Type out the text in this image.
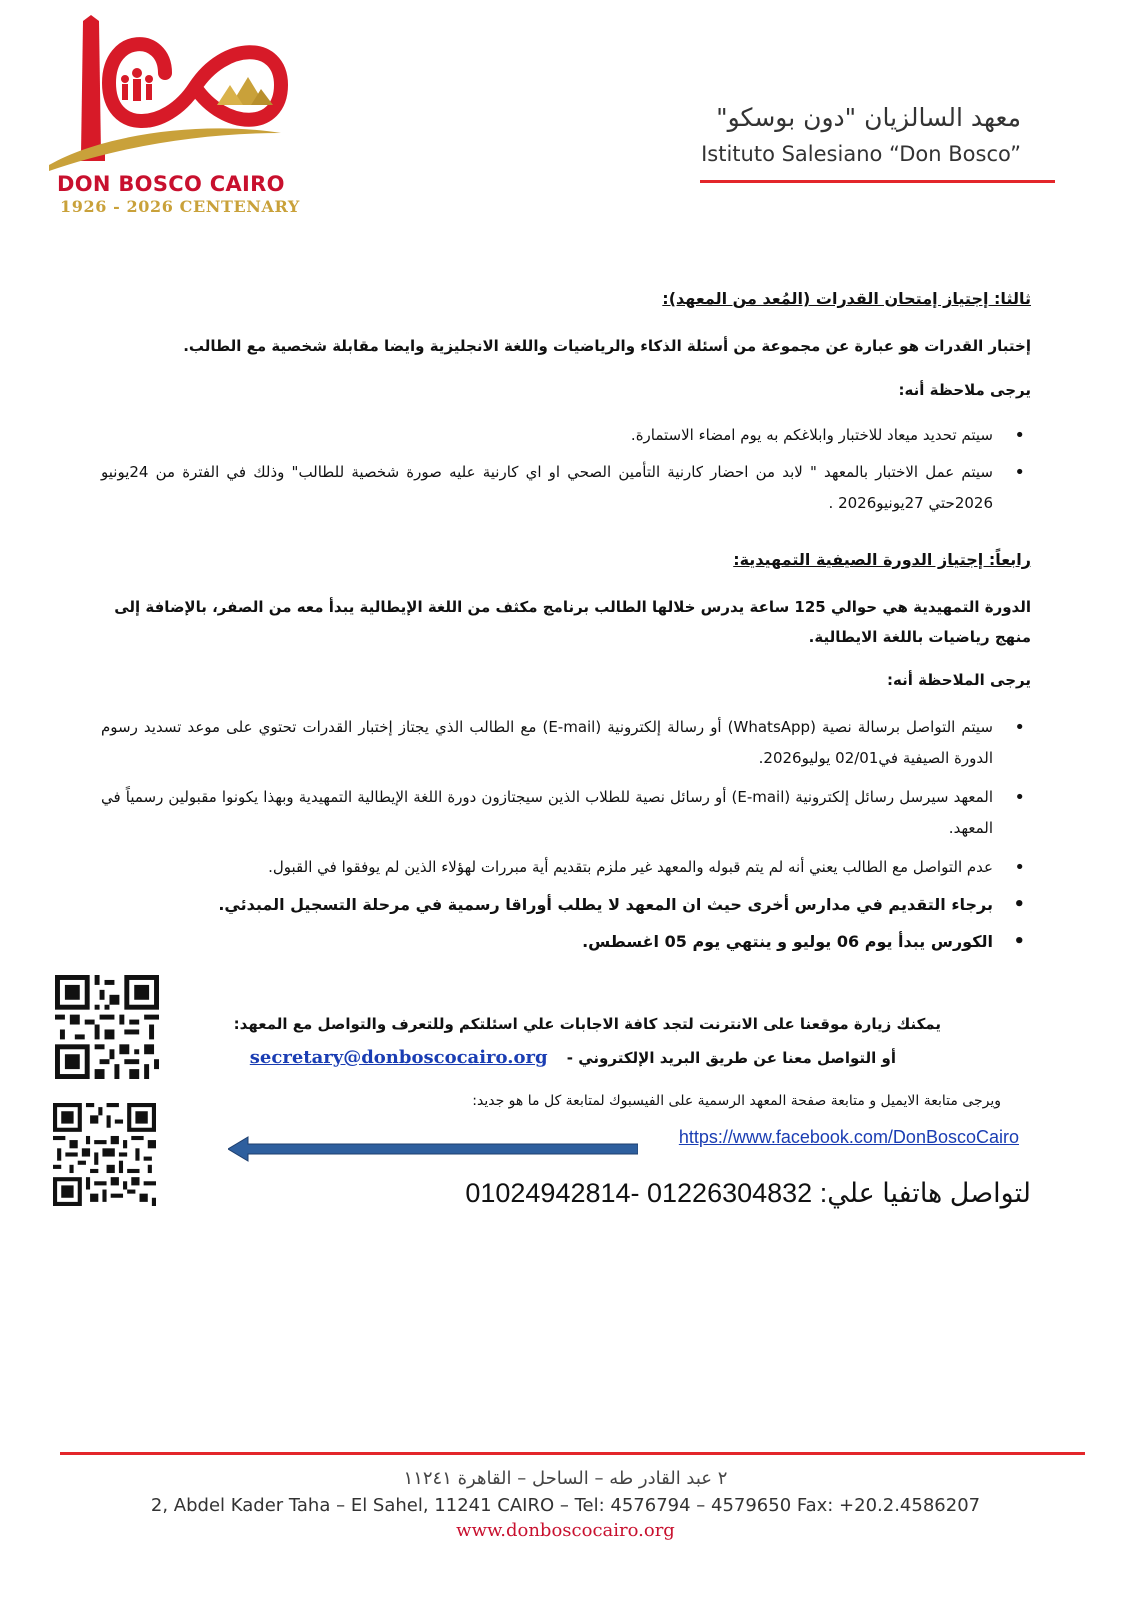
DON BOSCO CAIRO
1926 - 2026 CENTENARY
معهد السالزيان "دون بوسكو"
Istituto Salesiano “Don Bosco”
ثالثا: إجتياز إمتحان القدرات (المُعد من المعهد):
إختبار القدرات هو عبارة عن مجموعة من أسئلة الذكاء والرياضيات واللغة الانجليزية وايضا مقابلة شخصية مع الطالب.
يرجى ملاحظة أنه:
• سيتم تحديد ميعاد للاختبار وابلاغكم به يوم امضاء الاستمارة.
• سيتم عمل الاختبار بالمعهد " لابد من احضار كارنية التأمين الصحي او اي كارنية عليه صورة شخصية للطالب" وذلك في الفترة من 24يونيو 2026حتي 27يونيو2026 .
رابعاً: إجتياز الدورة الصيفية التمهيدية:
الدورة التمهيدية هي حوالي 125 ساعة يدرس خلالها الطالب برنامج مكثف من اللغة الإيطالية يبدأ معه من الصفر، بالإضافة إلى منهج رياضيات باللغة الايطالية.
يرجى الملاحظة أنه:
• سيتم التواصل برسالة نصية (WhatsApp) أو رسالة إلكترونية (E-mail) مع الطالب الذي يجتاز إختبار القدرات تحتوي على موعد تسديد رسوم الدورة الصيفية في02/01 يوليو2026.
• المعهد سيرسل رسائل إلكترونية (E-mail) أو رسائل نصية للطلاب الذين سيجتازون دورة اللغة الإيطالية التمهيدية وبهذا يكونوا مقبولين رسمياً في المعهد.
• عدم التواصل مع الطالب يعني أنه لم يتم قبوله والمعهد غير ملزم بتقديم أية مبررات لهؤلاء الذين لم يوفقوا في القبول.
• برجاء التقديم في مدارس أخرى حيث ان المعهد لا يطلب أوراقا رسمية في مرحلة التسجيل المبدئي.
• الكورس يبدأ يوم 06 يوليو و ينتهي يوم 05 اغسطس.
يمكنك زيارة موقعنا على الانترنت لتجد كافة الاجابات علي اسئلتكم وللتعرف والتواصل مع المعهد:
أو التواصل معنا عن طريق البريد الإلكتروني - secretary@donboscocairo.org
ويرجى متابعة الايميل و متابعة صفحة المعهد الرسمية على الفيسبوك لمتابعة كل ما هو جديد:
https://www.facebook.com/DonBoscoCairo
لتواصل هاتفيا علي: 01024942814- 01226304832
٢ عبد القادر طه – الساحل – القاهرة ١١٢٤١
2, Abdel Kader Taha – El Sahel, 11241 CAIRO – Tel: 4576794 – 4579650 Fax: +20.2.4586207
www.donboscocairo.org
